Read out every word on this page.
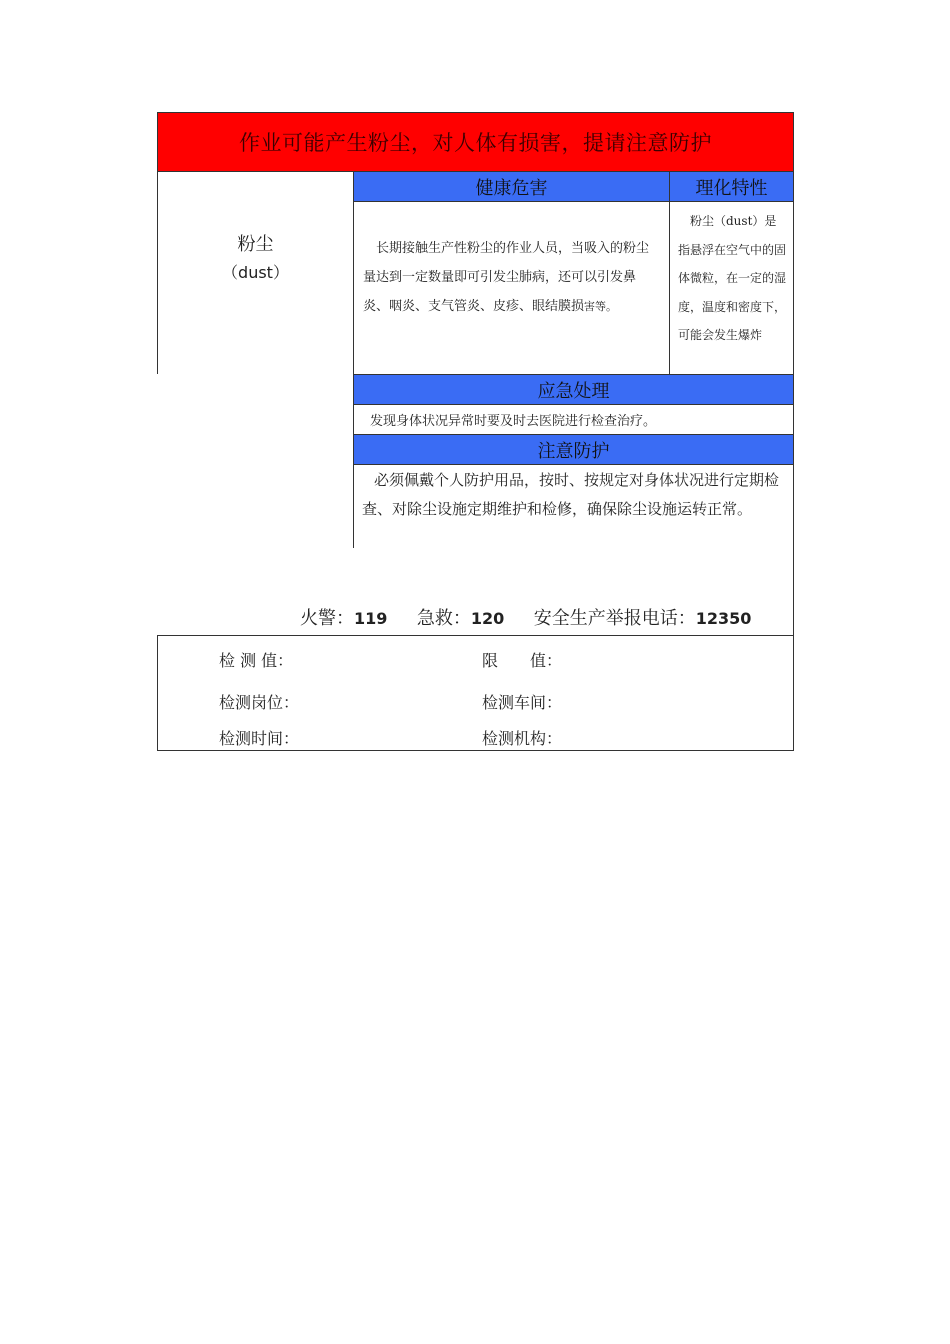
作业可能产生粉尘，对人体有损害，提请注意防护
粉尘
（dust）
健康危害	理化特性
长期接触生产性粉尘的作业人员，当吸入的粉尘量达到一定数量即可引发尘肺病，还可以引发鼻炎、咽炎、支气管炎、皮疹、眼结膜损害等。
粉尘（dust）是指悬浮在空气中的固体微粒，在一定的湿度，温度和密度下，可能会发生爆炸
应急处理
发现身体状况异常时要及时去医院进行检查治疗。
注意防护
必须佩戴个人防护用品，按时、按规定对身体状况进行定期检查、对除尘设施定期维护和检修，确保除尘设施运转正常。
火警：119 急救：120 安全生产举报电话：12350
检 测 值：	限　　值：
检测岗位：	检测车间：
检测时间：	检测机构：
